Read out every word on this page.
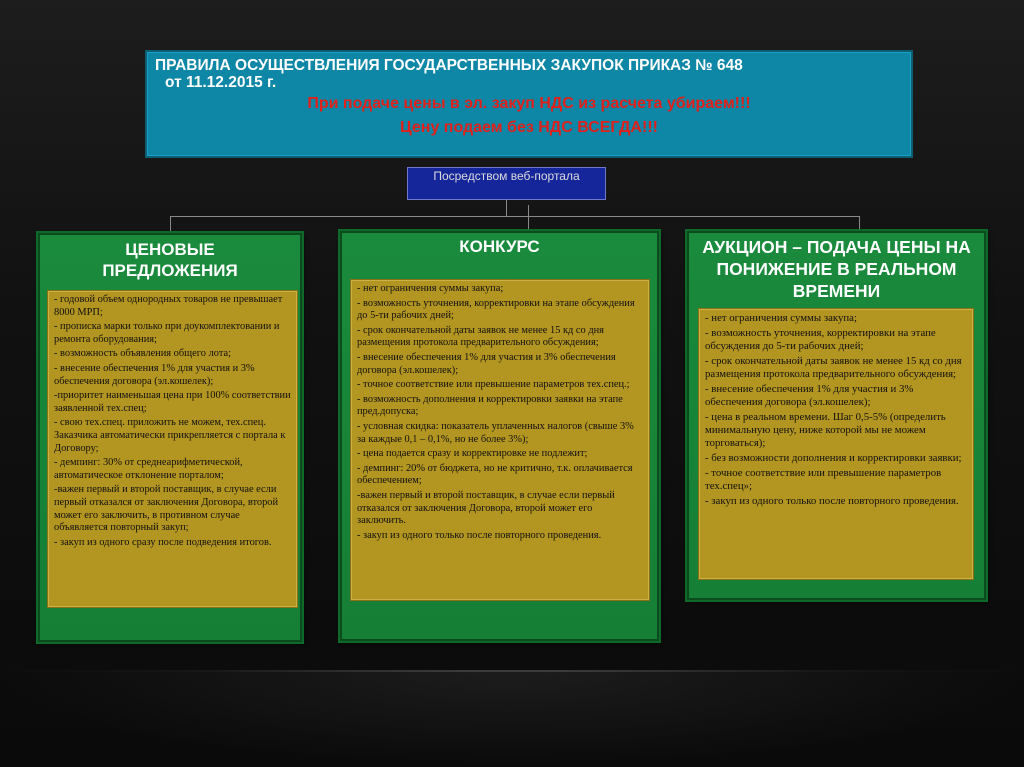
ПРАВИЛА ОСУЩЕСТВЛЕНИЯ ГОСУДАРСТВЕННЫХ ЗАКУПОК ПРИКАЗ № 648
от 11.12.2015 г.
При подаче цены в эл. закуп НДС из расчета убираем!!!
Цену подаем без НДС ВСЕГДА!!!
Посредством веб-портала
ЦЕНОВЫЕ ПРЕДЛОЖЕНИЯ
- годовой объем однородных товаров не превышает 8000 МРП;
- прописка марки только при доукомплектовании и ремонта оборудования;
- возможность объявления общего лота;
- внесение обеспечения 1% для участия и 3% обеспечения договора (эл.кошелек);
-приоритет наименьшая цена при 100% соответствии заявленной тех.спец;
- свою тех.спец. приложить не можем, тех.спец. Заказчика автоматически прикрепляется с портала к Договору;
- демпинг: 30% от среднеарифметической, автоматическое отклонение порталом;
-важен первый и второй поставщик, в случае если первый отказался от заключения Договора, второй может его заключить, в противном случае объявляется повторный закуп;
- закуп из одного сразу после подведения итогов.
КОНКУРС
- нет ограничения суммы закупа;
- возможность уточнения, корректировки на этапе обсуждения до 5-ти рабочих дней;
- срок окончательной даты заявок не менее 15 кд со дня размещения протокола предварительного обсуждения;
- внесение обеспечения 1% для участия и 3% обеспечения договора (эл.кошелек);
- точное соответствие или превышение параметров тех.спец.;
- возможность дополнения и корректировки заявки на этапе пред.допуска;
- условная скидка: показатель уплаченных налогов (свыше 3% за каждые 0,1 – 0,1%, но не более 3%);
- цена подается сразу и корректировке не подлежит;
- демпинг: 20% от бюджета, но не критично, т.к. оплачивается обеспечением;
-важен первый и второй поставщик, в случае если первый отказался от заключения Договора, второй может его заключить.
- закуп из одного только после повторного проведения.
АУКЦИОН – ПОДАЧА ЦЕНЫ НА ПОНИЖЕНИЕ В РЕАЛЬНОМ ВРЕМЕНИ
- нет ограничения суммы закупа;
- возможность уточнения, корректировки на этапе обсуждения до 5-ти рабочих дней;
- срок окончательной даты заявок не менее 15 кд со дня размещения протокола предварительного обсуждения;
- внесение обеспечения 1% для участия и 3% обеспечения договора (эл.кошелек);
- цена в реальном времени. Шаг 0,5-5% (определить минимальную цену, ниже которой мы не можем торговаться);
- без возможности дополнения и корректировки заявки;
- точное соответствие или превышение параметров тех.спец»;
- закуп из одного только после повторного проведения.
